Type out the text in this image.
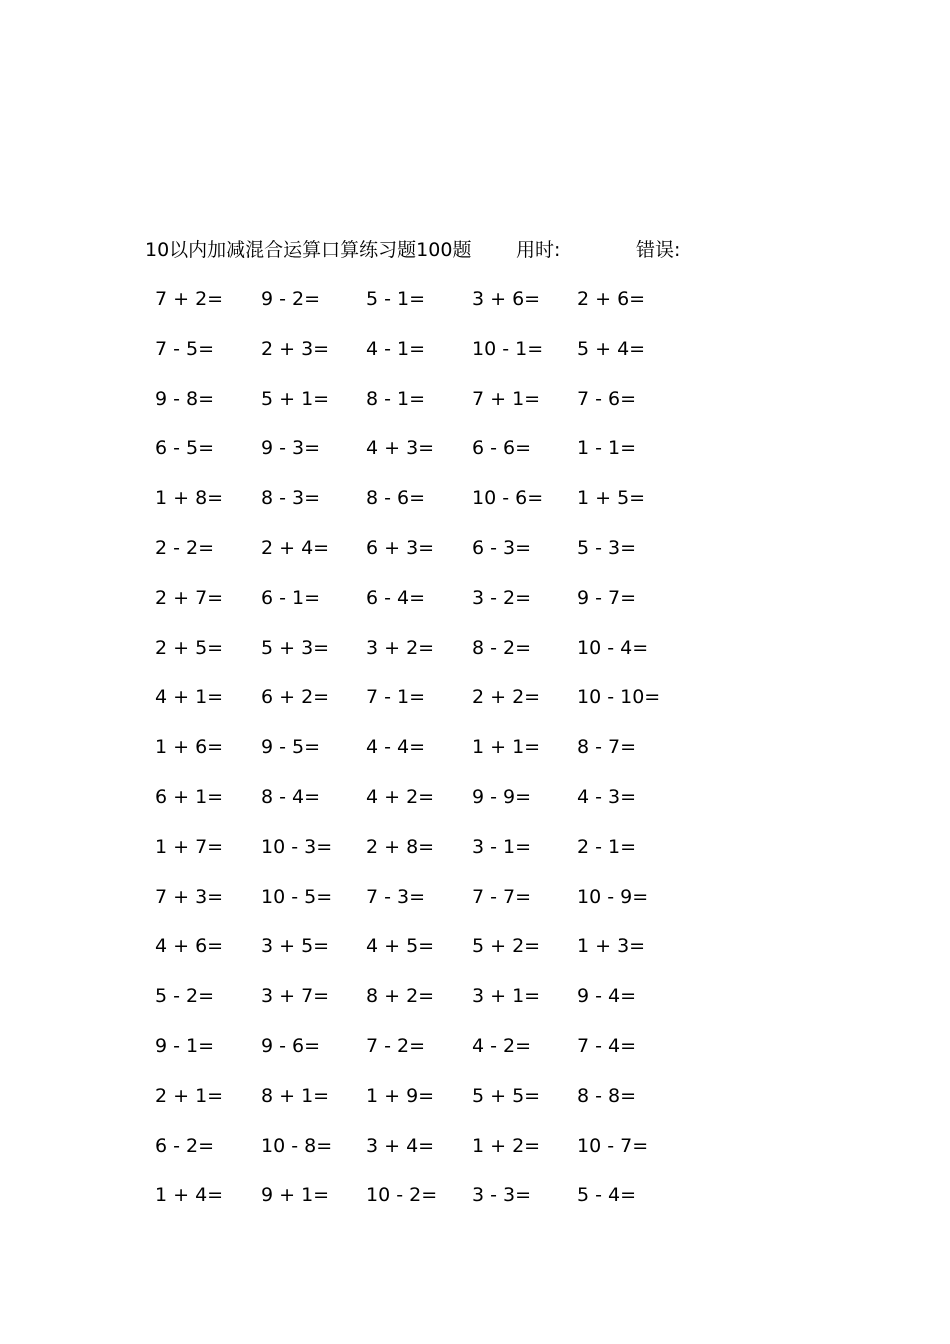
10以内加减混合运算口算练习题100题 用时:	错误:
7 + 2= 9 - 2= 5 - 1= 3 + 6= 2 + 6=
7 - 5= 2 + 3= 4 - 1= 10 - 1= 5 + 4=
9 - 8= 5 + 1= 8 - 1= 7 + 1= 7 - 6=
6 - 5= 9 - 3= 4 + 3= 6 - 6= 1 - 1=
1 + 8= 8 - 3= 8 - 6= 10 - 6= 1 + 5=
2 - 2= 2 + 4= 6 + 3= 6 - 3= 5 - 3=
2 + 7= 6 - 1= 6 - 4= 3 - 2= 9 - 7=
2 + 5= 5 + 3= 3 + 2= 8 - 2= 10 - 4=
4 + 1= 6 + 2= 7 - 1= 2 + 2= 10 - 10=
1 + 6= 9 - 5= 4 - 4= 1 + 1= 8 - 7=
6 + 1= 8 - 4= 4 + 2= 9 - 9= 4 - 3=
1 + 7= 10 - 3= 2 + 8= 3 - 1= 2 - 1=
7 + 3= 10 - 5= 7 - 3= 7 - 7= 10 - 9=
4 + 6= 3 + 5= 4 + 5= 5 + 2= 1 + 3=
5 - 2= 3 + 7= 8 + 2= 3 + 1= 9 - 4=
9 - 1= 9 - 6= 7 - 2= 4 - 2= 7 - 4=
2 + 1= 8 + 1= 1 + 9= 5 + 5= 8 - 8=
6 - 2= 10 - 8= 3 + 4= 1 + 2= 10 - 7=
1 + 4= 9 + 1= 10 - 2= 3 - 3= 5 - 4=
